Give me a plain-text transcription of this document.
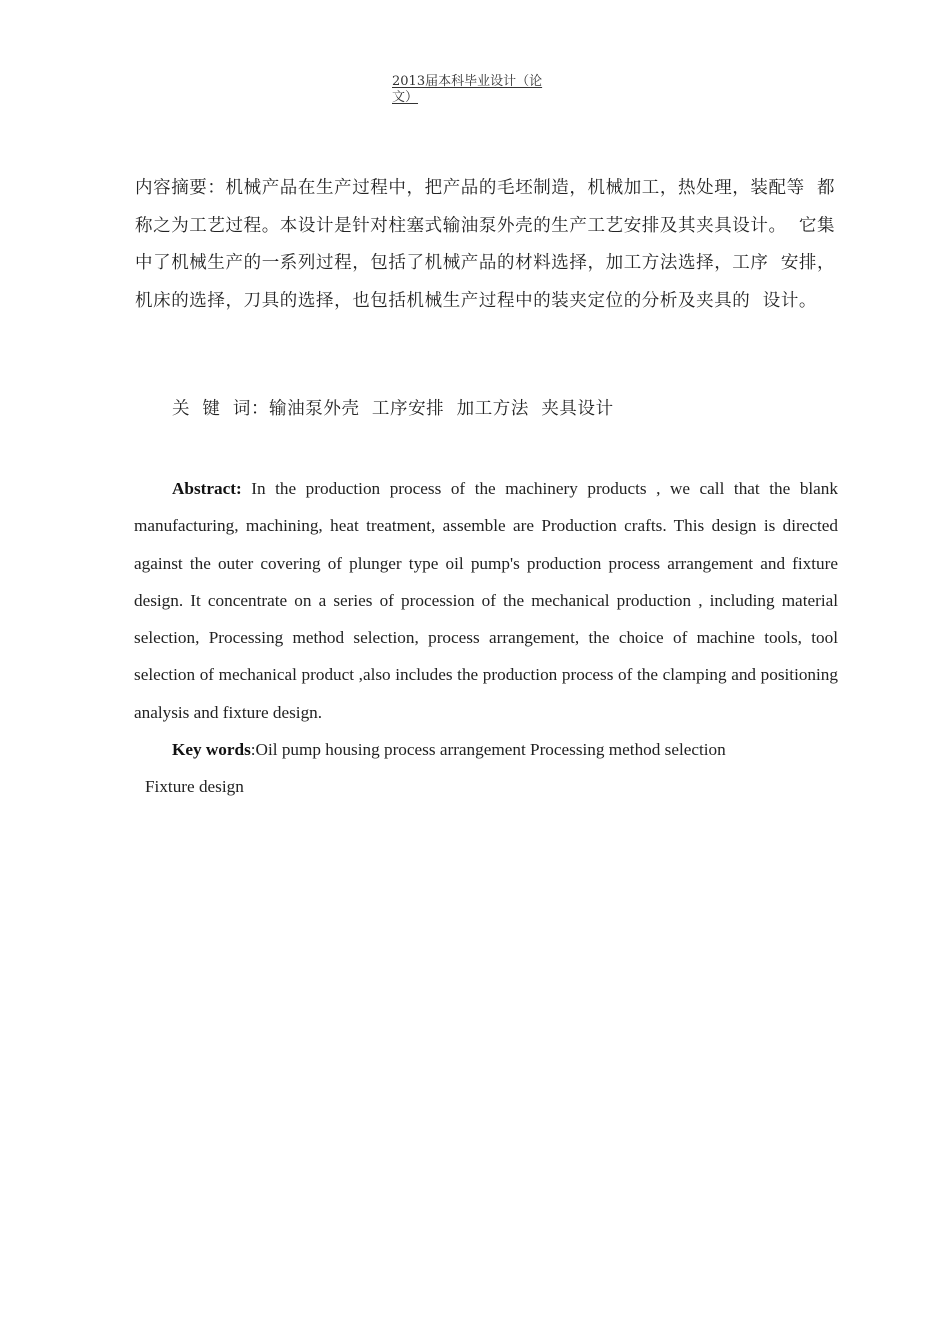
2013届本科毕业设计（论
文）
内容摘要：机械产品在生产过程中，把产品的毛坯制造，机械加工，热处理，装配等  都称之为工艺过程。本设计是针对柱塞式输油泵外壳的生产工艺安排及其夹具设计。  它集中了机械生产的一系列过程，包括了机械产品的材料选择，加工方法选择，工序  安排，机床的选择，刀具的选择，也包括机械生产过程中的装夹定位的分析及夹具的  设计。
关  键  词：输油泵外壳  工序安排  加工方法  夹具设计

Abstract: In the production process of the machinery products , we call that the blank manufacturing, machining, heat treatment, assemble are Production crafts. This design is directed against the outer covering of plunger type oil pump's production process arrangement and fixture design. It concentrate on a series of procession of the mechanical production , including material selection, Processing method selection, process arrangement, the choice of machine tools, tool selection of mechanical product ,also includes the production process of the clamping and positioning analysis and fixture design.

Key words:Oil pump housing process arrangement Processing method selection
Fixture design
